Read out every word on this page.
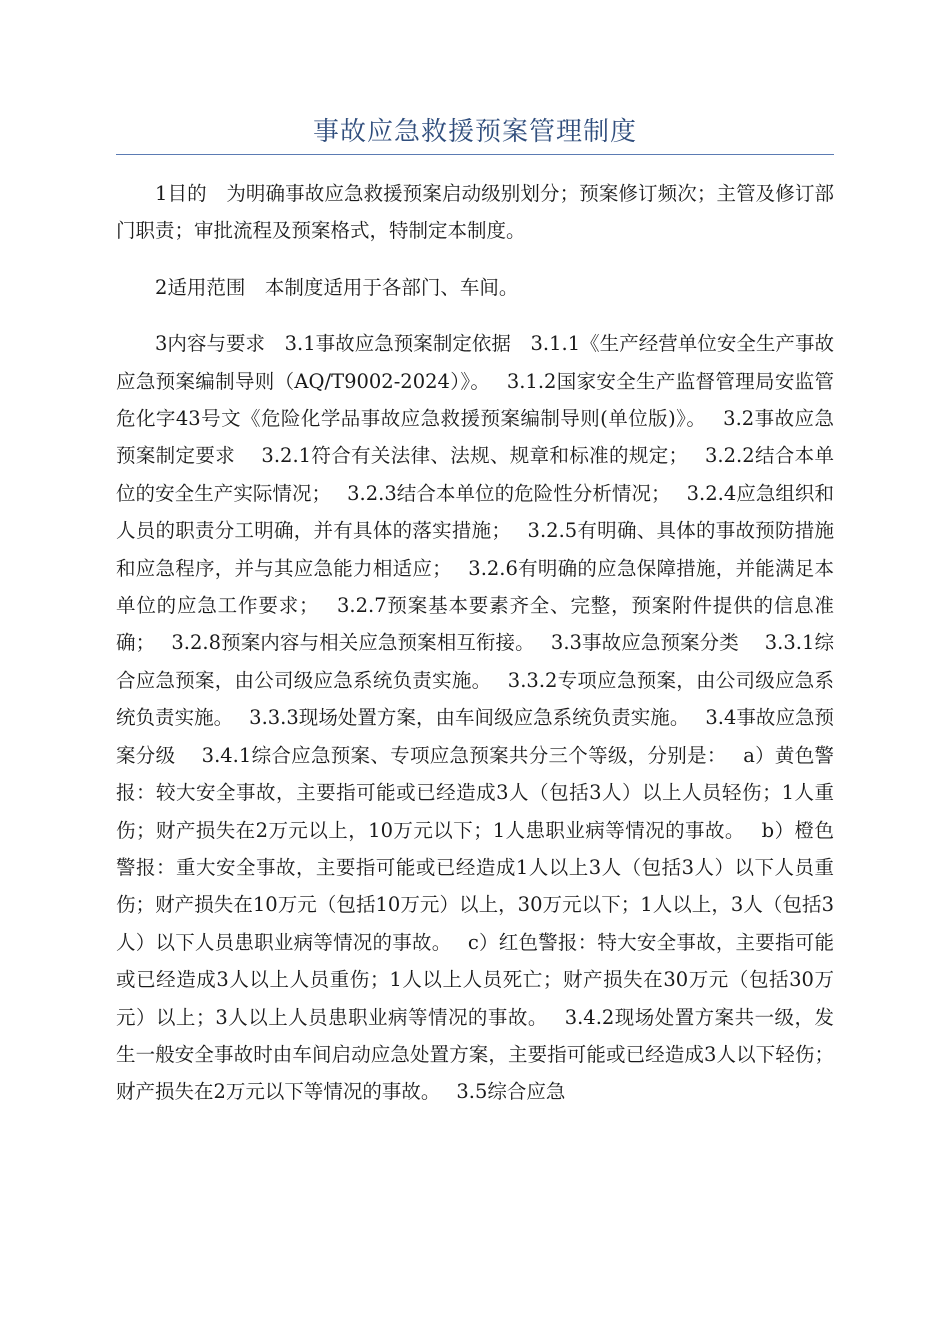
事故应急救援预案管理制度

1目的　为明确事故应急救援预案启动级别划分；预案修订频次；主管及修订部门职责；审批流程及预案格式，特制定本制度。

2适用范围　本制度适用于各部门、车间。

3内容与要求　3.1事故应急预案制定依据　3.1.1《生产经营单位安全生产事故应急预案编制导则（AQ/T9002-2024）》。　 3.1.2国家安全生产监督管理局安监管危化字43号文《危险化学品事故应急救援预案编制导则(单位版)》。　 3.2事故应急预案制定要求　 3.2.1符合有关法律、法规、规章和标准的规定；　 3.2.2结合本单位的安全生产实际情况；　 3.2.3结合本单位的危险性分析情况；　 3.2.4应急组织和人员的职责分工明确，并有具体的落实措施；　 3.2.5有明确、具体的事故预防措施和应急程序，并与其应急能力相适应；　 3.2.6有明确的应急保障措施，并能满足本单位的应急工作要求；　 3.2.7预案基本要素齐全、完整，预案附件提供的信息准确；　 3.2.8预案内容与相关应急预案相互衔接。　 3.3事故应急预案分类　 3.3.1综合应急预案，由公司级应急系统负责实施。　 3.3.2专项应急预案，由公司级应急系统负责实施。　 3.3.3现场处置方案，由车间级应急系统负责实施。　 3.4事故应急预案分级　 3.4.1综合应急预案、专项应急预案共分三个等级，分别是：　 a）黄色警报：较大安全事故，主要指可能或已经造成3人（包括3人）以上人员轻伤；1人重伤；财产损失在2万元以上，10万元以下；1人患职业病等情况的事故。　 b）橙色警报：重大安全事故，主要指可能或已经造成1人以上3人（包括3人）以下人员重伤；财产损失在10万元（包括10万元）以上，30万元以下；1人以上，3人（包括3人）以下人员患职业病等情况的事故。　 c）红色警报：特大安全事故，主要指可能或已经造成3人以上人员重伤；1人以上人员死亡；财产损失在30万元（包括30万元）以上；3人以上人员患职业病等情况的事故。　 3.4.2现场处置方案共一级，发生一般安全事故时由车间启动应急处置方案，主要指可能或已经造成3人以下轻伤；财产损失在2万元以下等情况的事故。　 3.5综合应急
